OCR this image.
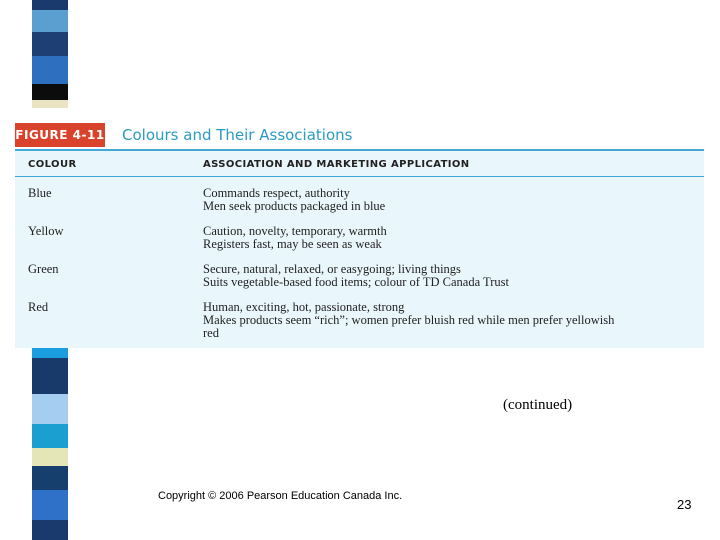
FIGURE 4-11 Colours and Their Associations
COLOUR	ASSOCIATION AND MARKETING APPLICATION
Blue	Commands respect, authority
Men seek products packaged in blue
Yellow	Caution, novelty, temporary, warmth
Registers fast, may be seen as weak
Green	Secure, natural, relaxed, or easygoing; living things
Suits vegetable-based food items; colour of TD Canada Trust
Red	Human, exciting, hot, passionate, strong
Makes products seem “rich”; women prefer bluish red while men prefer yellowish
red
(continued)
Copyright © 2006 Pearson Education Canada Inc.
23
